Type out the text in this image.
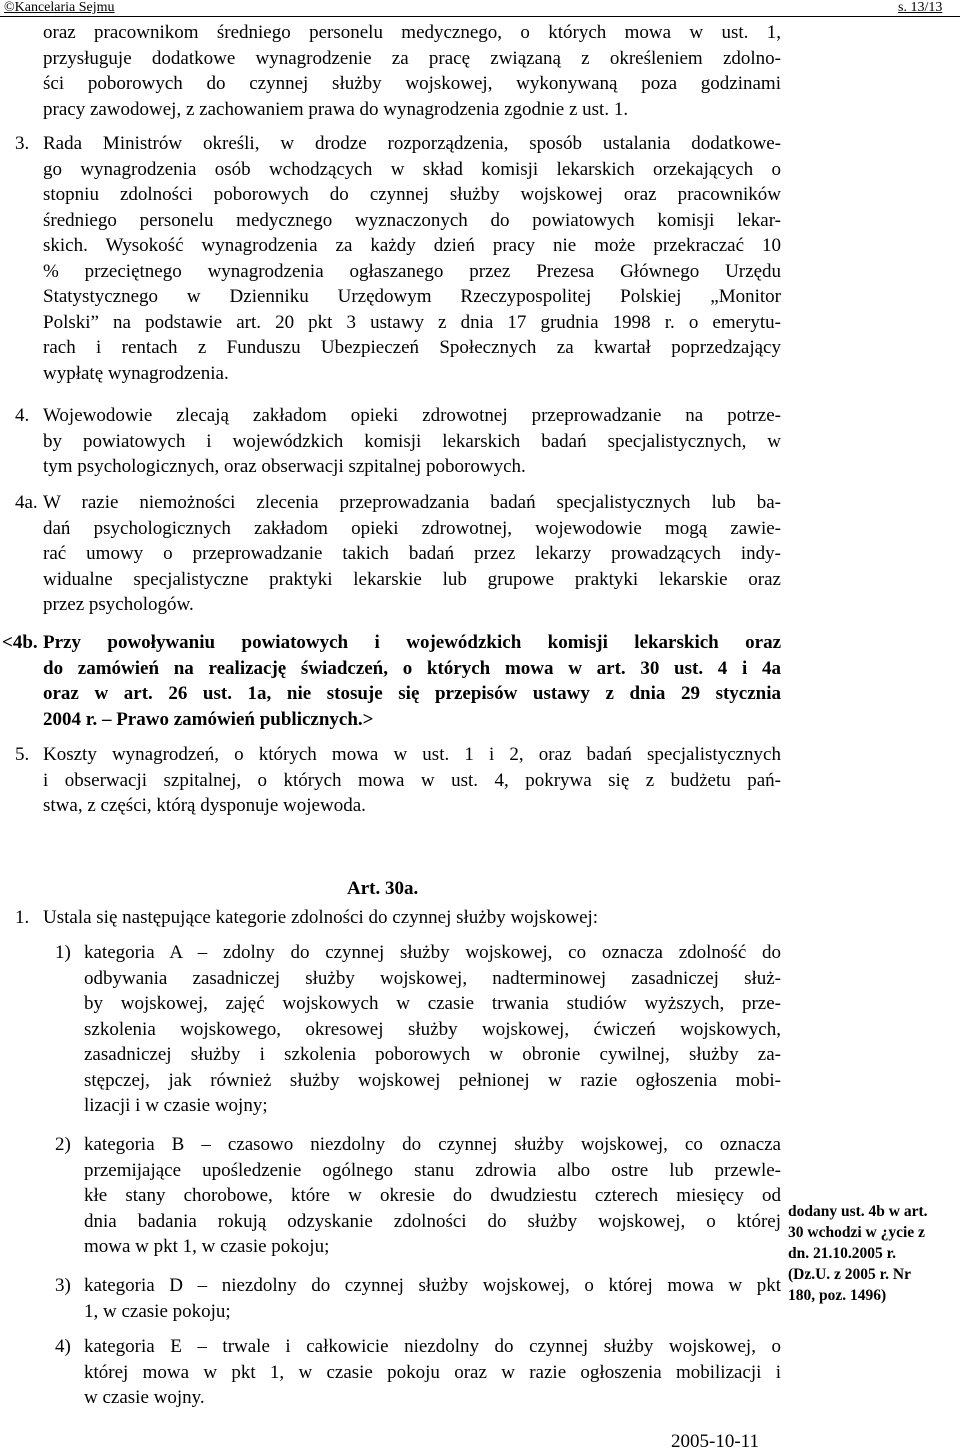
©Kancelaria Sejmu	s. 13/13
oraz pracownikom średniego personelu medycznego, o których mowa w ust. 1,
przysługuje dodatkowe wynagrodzenie za pracę związaną z określeniem zdolno-
ści poborowych do czynnej służby wojskowej, wykonywaną poza godzinami
pracy zawodowej, z zachowaniem prawa do wynagrodzenia zgodnie z ust. 1.
3. Rada Ministrów określi, w drodze rozporządzenia, sposób ustalania dodatkowe-
go wynagrodzenia osób wchodzących w skład komisji lekarskich orzekających o
stopniu zdolności poborowych do czynnej służby wojskowej oraz pracowników
średniego personelu medycznego wyznaczonych do powiatowych komisji lekar-
skich. Wysokość wynagrodzenia za każdy dzień pracy nie może przekraczać 10
% przeciętnego wynagrodzenia ogłaszanego przez Prezesa Głównego Urzędu
Statystycznego w Dzienniku Urzędowym Rzeczypospolitej Polskiej „Monitor
Polski” na podstawie art. 20 pkt 3 ustawy z dnia 17 grudnia 1998 r. o emerytu-
rach i rentach z Funduszu Ubezpieczeń Społecznych za kwartał poprzedzający
wypłatę wynagrodzenia.
4. Wojewodowie zlecają zakładom opieki zdrowotnej przeprowadzanie na potrze-
by powiatowych i wojewódzkich komisji lekarskich badań specjalistycznych, w
tym psychologicznych, oraz obserwacji szpitalnej poborowych.
4a. W razie niemożności zlecenia przeprowadzania badań specjalistycznych lub ba-
dań psychologicznych zakładom opieki zdrowotnej, wojewodowie mogą zawie-
rać umowy o przeprowadzanie takich badań przez lekarzy prowadzących indy-
widualne specjalistyczne praktyki lekarskie lub grupowe praktyki lekarskie oraz
przez psychologów.
<4b. Przy powoływaniu powiatowych i wojewódzkich komisji lekarskich oraz
do zamówień na realizację świadczeń, o których mowa w art. 30 ust. 4 i 4a
oraz w art. 26 ust. 1a, nie stosuje się przepisów ustawy z dnia 29 stycznia
2004 r. – Prawo zamówień publicznych.>
5. Koszty wynagrodzeń, o których mowa w ust. 1 i 2, oraz badań specjalistycznych
i obserwacji szpitalnej, o których mowa w ust. 4, pokrywa się z budżetu pań-
stwa, z części, którą dysponuje wojewoda.
Art. 30a.
1. Ustala się następujące kategorie zdolności do czynnej służby wojskowej:
1) kategoria A – zdolny do czynnej służby wojskowej, co oznacza zdolność do
odbywania zasadniczej służby wojskowej, nadterminowej zasadniczej służ-
by wojskowej, zajęć wojskowych w czasie trwania studiów wyższych, prze-
szkolenia wojskowego, okresowej służby wojskowej, ćwiczeń wojskowych,
zasadniczej służby i szkolenia poborowych w obronie cywilnej, służby za-
stępczej, jak również służby wojskowej pełnionej w razie ogłoszenia mobi-
lizacji i w czasie wojny;
2) kategoria B – czasowo niezdolny do czynnej służby wojskowej, co oznacza
przemijające upośledzenie ogólnego stanu zdrowia albo ostre lub przewle-
kłe stany chorobowe, które w okresie do dwudziestu czterech miesięcy od
dnia badania rokują odzyskanie zdolności do służby wojskowej, o której
mowa w pkt 1, w czasie pokoju;
3) kategoria D – niezdolny do czynnej służby wojskowej, o której mowa w pkt
1, w czasie pokoju;
4) kategoria E – trwale i całkowicie niezdolny do czynnej służby wojskowej, o
której mowa w pkt 1, w czasie pokoju oraz w razie ogłoszenia mobilizacji i
w czasie wojny.
dodany ust. 4b w art.
30 wchodzi w ¿ycie z
dn. 21.10.2005 r.
(Dz.U. z 2005 r. Nr
180, poz. 1496)
2005-10-11
